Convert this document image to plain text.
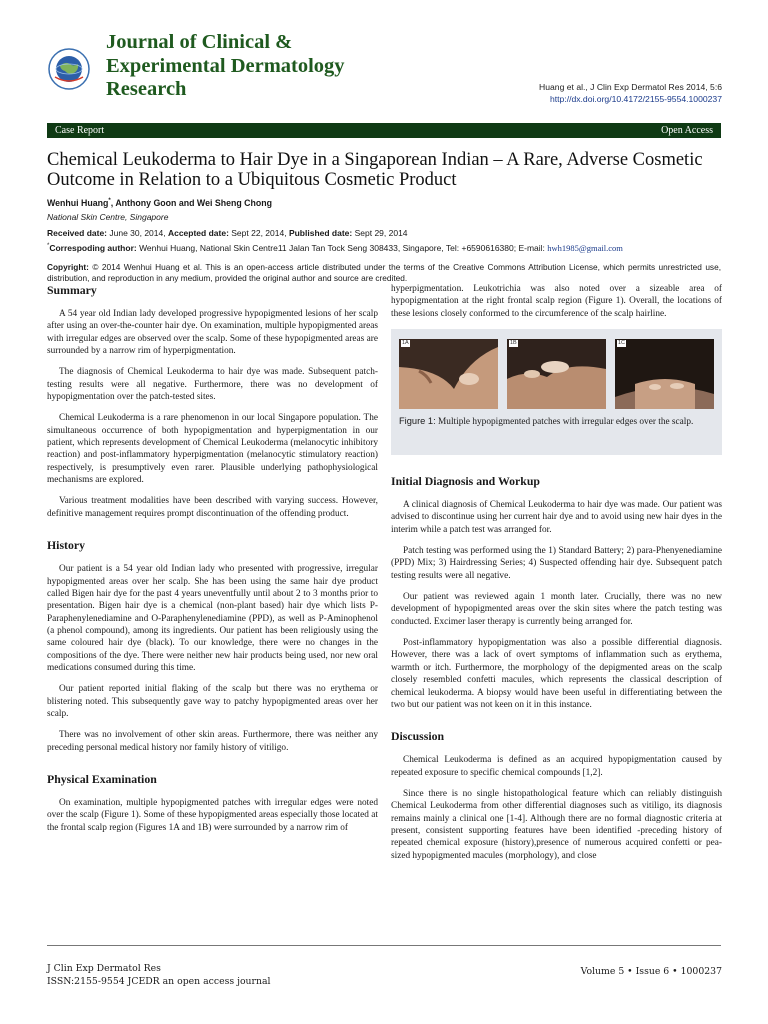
Journal of Clinical &
Experimental Dermatology
Research	Huang et al., J Clin Exp Dermatol Res 2014, 5:6
http://dx.doi.org/10.4172/2155-9554.1000237
Case Report	Open Access
Chemical Leukoderma to Hair Dye in a Singaporean Indian – A Rare, Adverse Cosmetic Outcome in Relation to a Ubiquitous Cosmetic Product
Wenhui Huang*, Anthony Goon and Wei Sheng Chong
National Skin Centre, Singapore
Received date: June 30, 2014, Accepted date: Sept 22, 2014, Published date: Sept 29, 2014
*Correspoding author: Wenhui Huang, National Skin Centre11 Jalan Tan Tock Seng 308433, Singapore, Tel: +6590616380; E-mail: hwh1985@gmail.com
Copyright: © 2014 Wenhui Huang et al. This is an open-access article distributed under the terms of the Creative Commons Attribution License, which permits unrestricted use, distribution, and reproduction in any medium, provided the original author and source are credited.
Summary

A 54 year old Indian lady developed progressive hypopigmented lesions of her scalp after using an over-the-counter hair dye. On examination, multiple hypopigmented areas with irregular edges are observed over the scalp. Some of these hypopigmented areas are surrounded by a narrow rim of hyperpigmentation.

The diagnosis of Chemical Leukoderma to hair dye was made. Subsequent patch-testing results were all negative. Furthermore, there was no development of hypopigmentation over the patch-tested sites.

Chemical Leukoderma is a rare phenomenon in our local Singapore population. The simultaneous occurrence of both hypopigmentation and hyperpigmentation in our patient, which represents development of Chemical Leukoderma (melanocytic inhibitory reaction) and post-inflammatory hyperpigmentation (melanocytic stimulatory reaction) respectively, is presumptively even rarer. Plausible underlying pathophysiological mechanisms are explored.

Various treatment modalities have been described with varying success. However, definitive management requires prompt discontinuation of the offending product.

History

Our patient is a 54 year old Indian lady who presented with progressive, irregular hypopigmented areas over her scalp. She has been using the same hair dye product called Bigen hair dye for the past 4 years uneventfully until about 2 to 3 months prior to presentation. Bigen hair dye is a chemical (non-plant based) hair dye which lists P-Paraphenylenediamine and O-Paraphenylenediamine (PPD), as well as P-Aminophenol (a phenol compound), among its ingredients. Our patient has been religiously using the same coloured hair dye (black). To our knowledge, there were no changes in the compositions of the dye. There were neither new hair products being used, nor new oral medications consumed during this time.

Our patient reported initial flaking of the scalp but there was no erythema or blistering noted. This subsequently gave way to patchy hypopigmented areas over her scalp.

There was no involvement of other skin areas. Furthermore, there was neither any preceding personal medical history nor family history of vitiligo.

Physical Examination

On examination, multiple hypopigmented patches with irregular edges were noted over the scalp (Figure 1). Some of these hypopigmented areas especially those located at the frontal scalp region (Figures 1A and 1B) were surrounded by a narrow rim of

hyperpigmentation. Leukotrichia was also noted over a sizeable area of hypopigmentation at the right frontal scalp region (Figure 1). Overall, the locations of these lesions closely conformed to the circumference of the scalp hairline.

1A	1B	1C
Figure 1: Multiple hypopigmented patches with irregular edges over the scalp.
Initial Diagnosis and Workup

A clinical diagnosis of Chemical Leukoderma to hair dye was made. Our patient was advised to discontinue using her current hair dye and to avoid using new hair dyes in the interim while a patch test was arranged for.

Patch testing was performed using the 1) Standard Battery; 2) para-Phenyenediamine (PPD) Mix; 3) Hairdressing Series; 4) Suspected offending hair dye. Subsequent patch testing results were all negative.

Our patient was reviewed again 1 month later. Crucially, there was no new development of hypopigmented areas over the skin sites where the patch testing was conducted. Excimer laser therapy is currently being arranged for.

Post-inflammatory hypopigmentation was also a possible differential diagnosis. However, there was a lack of overt symptoms of inflammation such as erythema, warmth or itch. Furthermore, the morphology of the depigmented areas on the scalp closely resembled confetti macules, which represents the classical description of chemical leukoderma. A biopsy would have been useful in differentiating between the two but our patient was not keen on it in this instance.

Discussion

Chemical Leukoderma is defined as an acquired hypopigmentation caused by repeated exposure to specific chemical compounds [1,2].

Since there is no single histopathological feature which can reliably distinguish Chemical Leukoderma from other differential diagnoses such as vitiligo, its diagnosis remains mainly a clinical one [1-4]. Although there are no formal diagnostic criteria at present, consistent supporting features have been identified -preceding history of repeated chemical exposure (history),presence of numerous acquired confetti or pea-sized hypopigmented macules (morphology), and close

J Clin Exp Dermatol Res
ISSN:2155-9554 JCEDR an open access journal
Volume 5 • Issue 6 • 1000237
